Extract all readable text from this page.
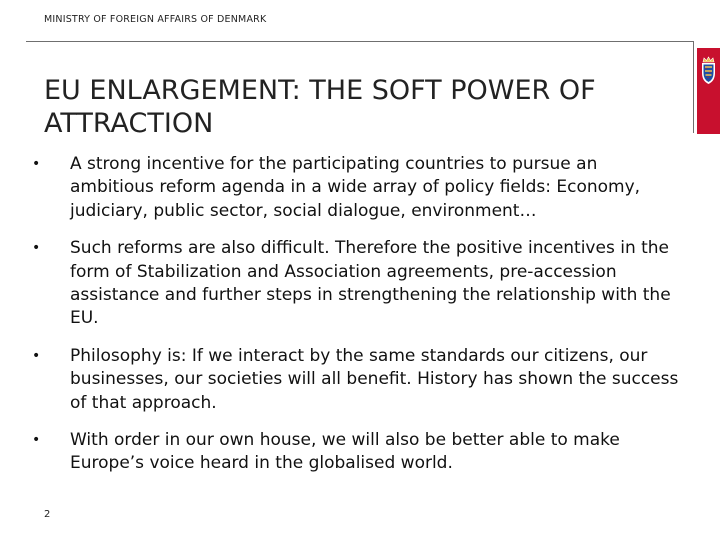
MINISTRY OF FOREIGN AFFAIRS OF DENMARK
EU ENLARGEMENT: THE SOFT POWER OF ATTRACTION
• A strong incentive for the participating countries to pursue an ambitious reform agenda in a wide array of policy fields: Economy, judiciary, public sector, social dialogue, environment…
• Such reforms are also difficult. Therefore the positive incentives in the form of Stabilization and Association agreements, pre-accession assistance and further steps in strengthening the relationship with the EU.
• Philosophy is: If we interact by the same standards our citizens, our businesses, our societies will all benefit. History has shown the success of that approach.
• With order in our own house, we will also be better able to make Europe’s voice heard in the globalised world.
2
